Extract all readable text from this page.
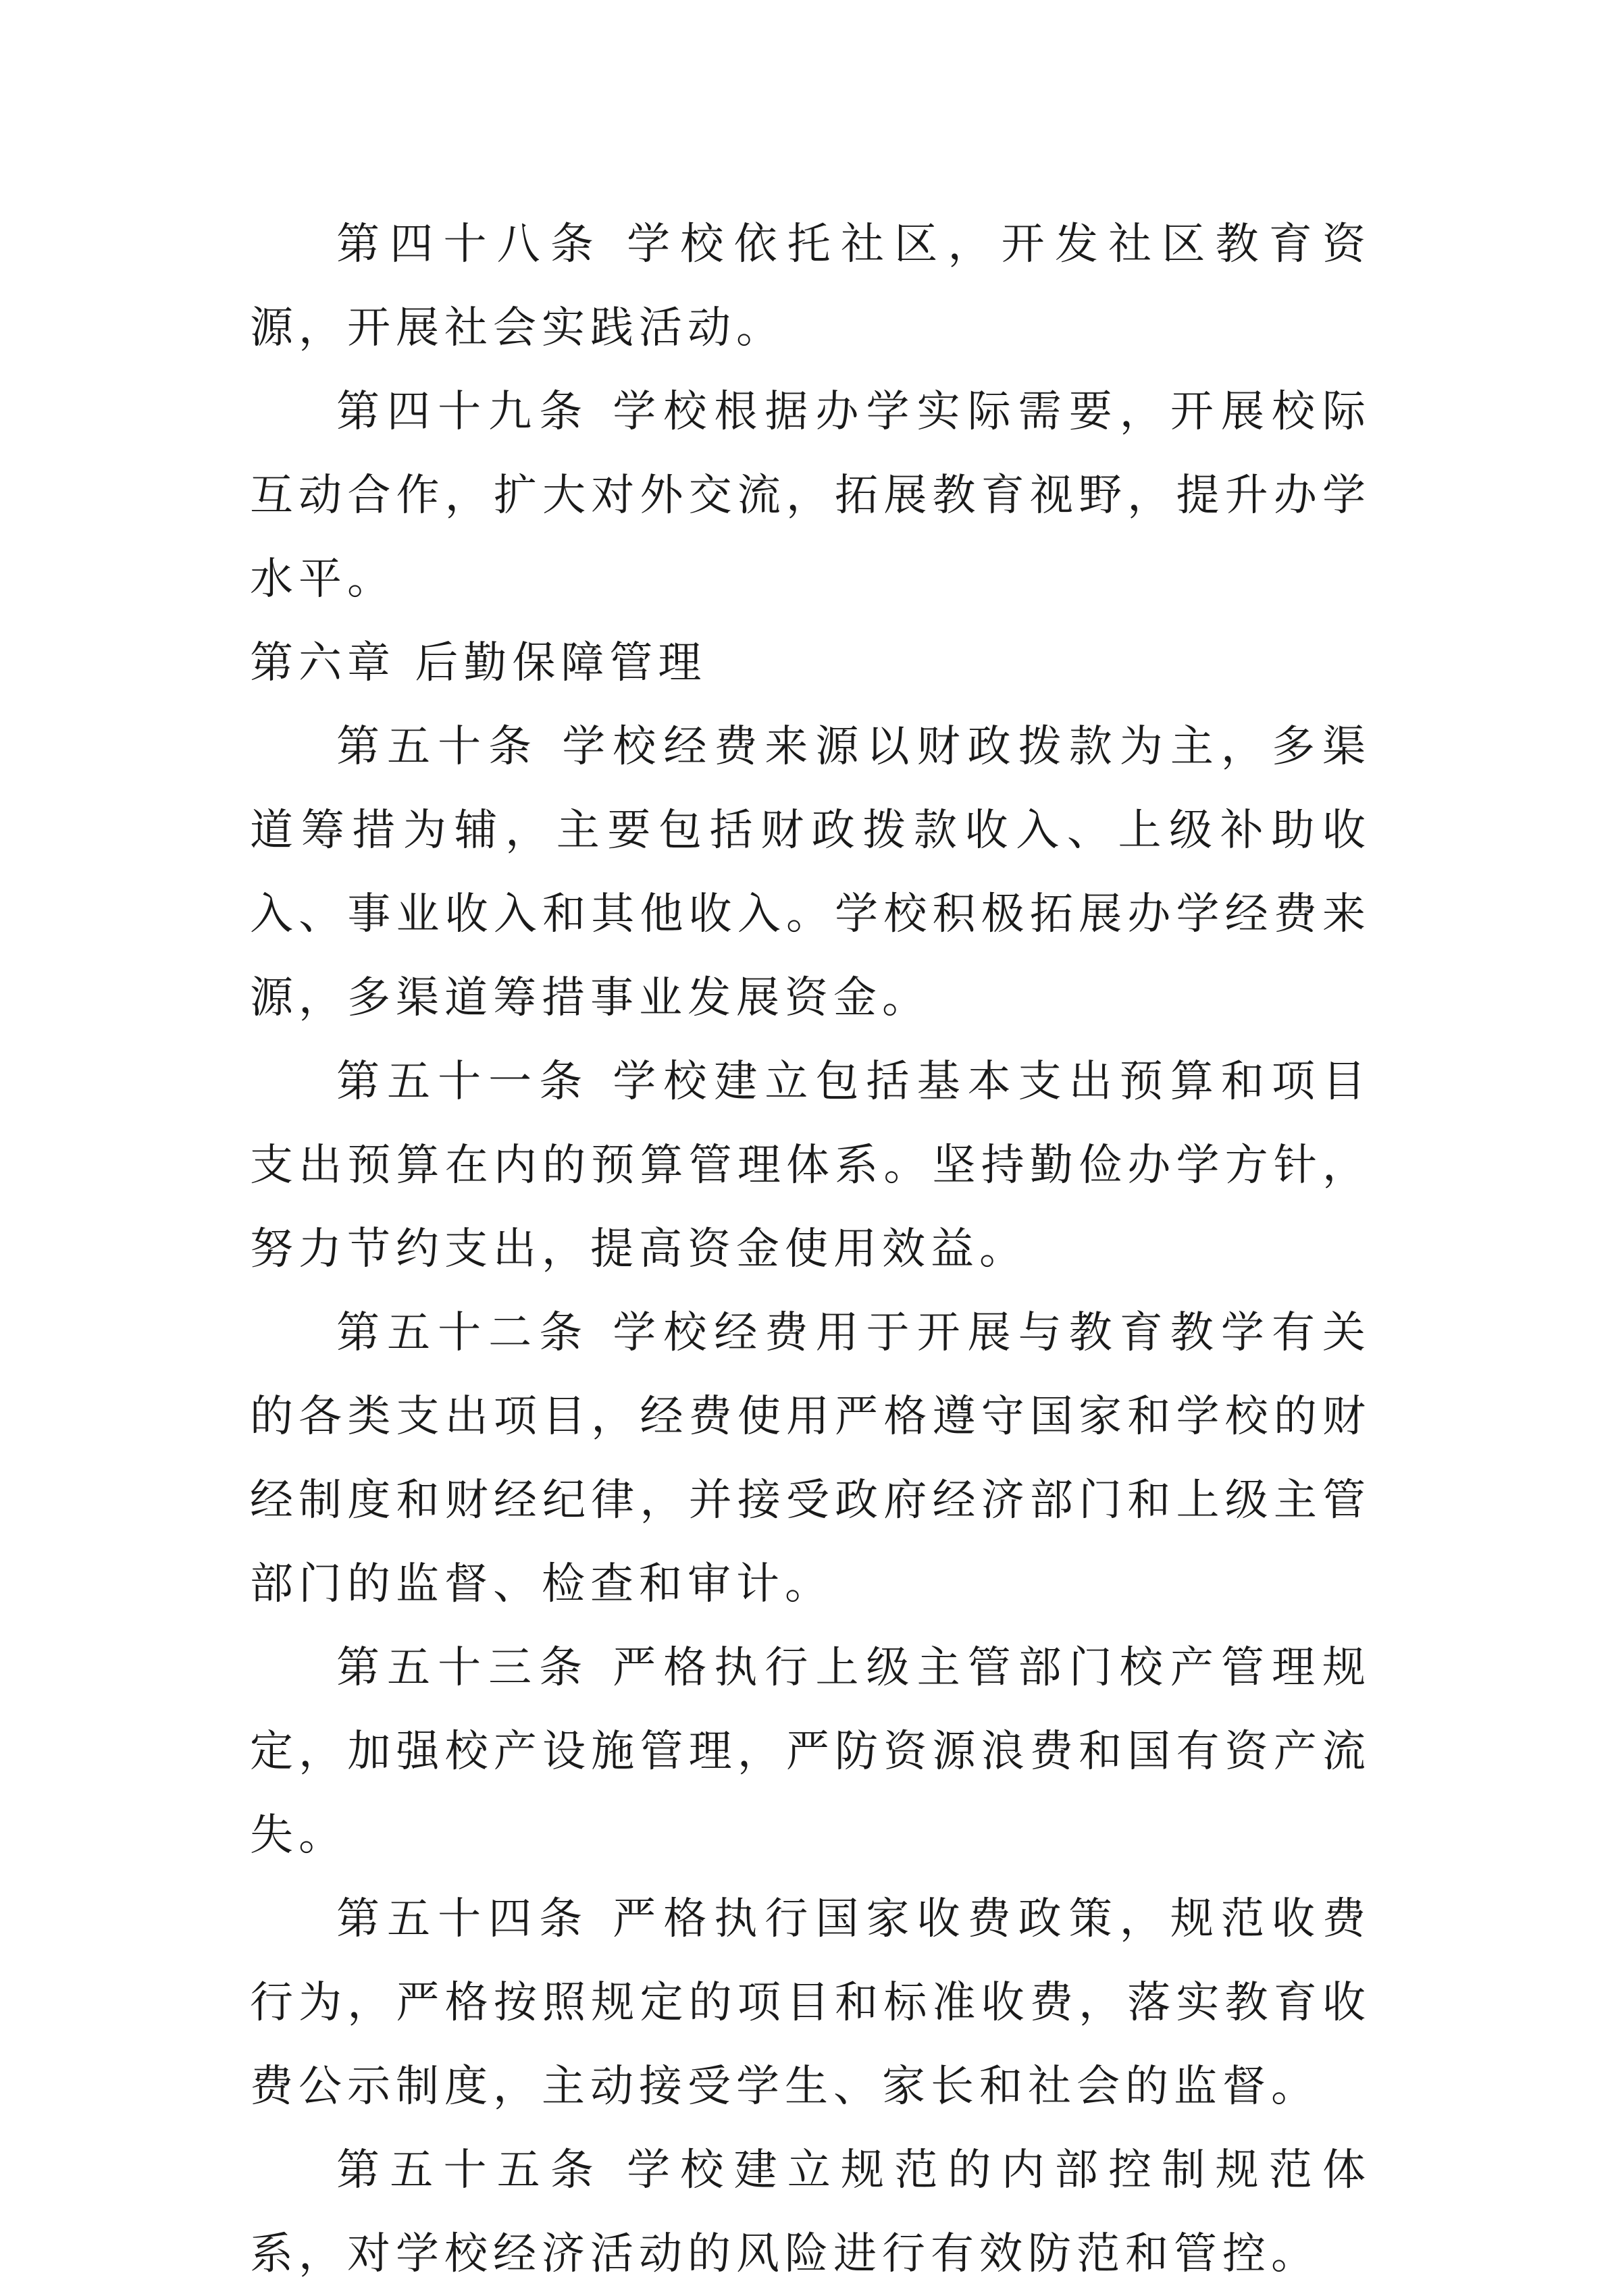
第四十八条 学校依托社区，开发社区教育资源，开展社会实践活动。

第四十九条 学校根据办学实际需要，开展校际互动合作，扩大对外交流，拓展教育视野，提升办学水平。

第六章 后勤保障管理

第五十条 学校经费来源以财政拨款为主，多渠道筹措为辅，主要包括财政拨款收入、上级补助收入、事业收入和其他收入。学校积极拓展办学经费来源，多渠道筹措事业发展资金。

第五十一条 学校建立包括基本支出预算和项目支出预算在内的预算管理体系。坚持勤俭办学方针，努力节约支出，提高资金使用效益。

第五十二条 学校经费用于开展与教育教学有关的各类支出项目，经费使用严格遵守国家和学校的财经制度和财经纪律，并接受政府经济部门和上级主管部门的监督、检查和审计。

第五十三条 严格执行上级主管部门校产管理规定，加强校产设施管理，严防资源浪费和国有资产流失。

第五十四条 严格执行国家收费政策，规范收费行为，严格按照规定的项目和标准收费，落实教育收费公示制度，主动接受学生、家长和社会的监督。

第五十五条 学校建立规范的内部控制规范体系，对学校经济活动的风险进行有效防范和管控。
